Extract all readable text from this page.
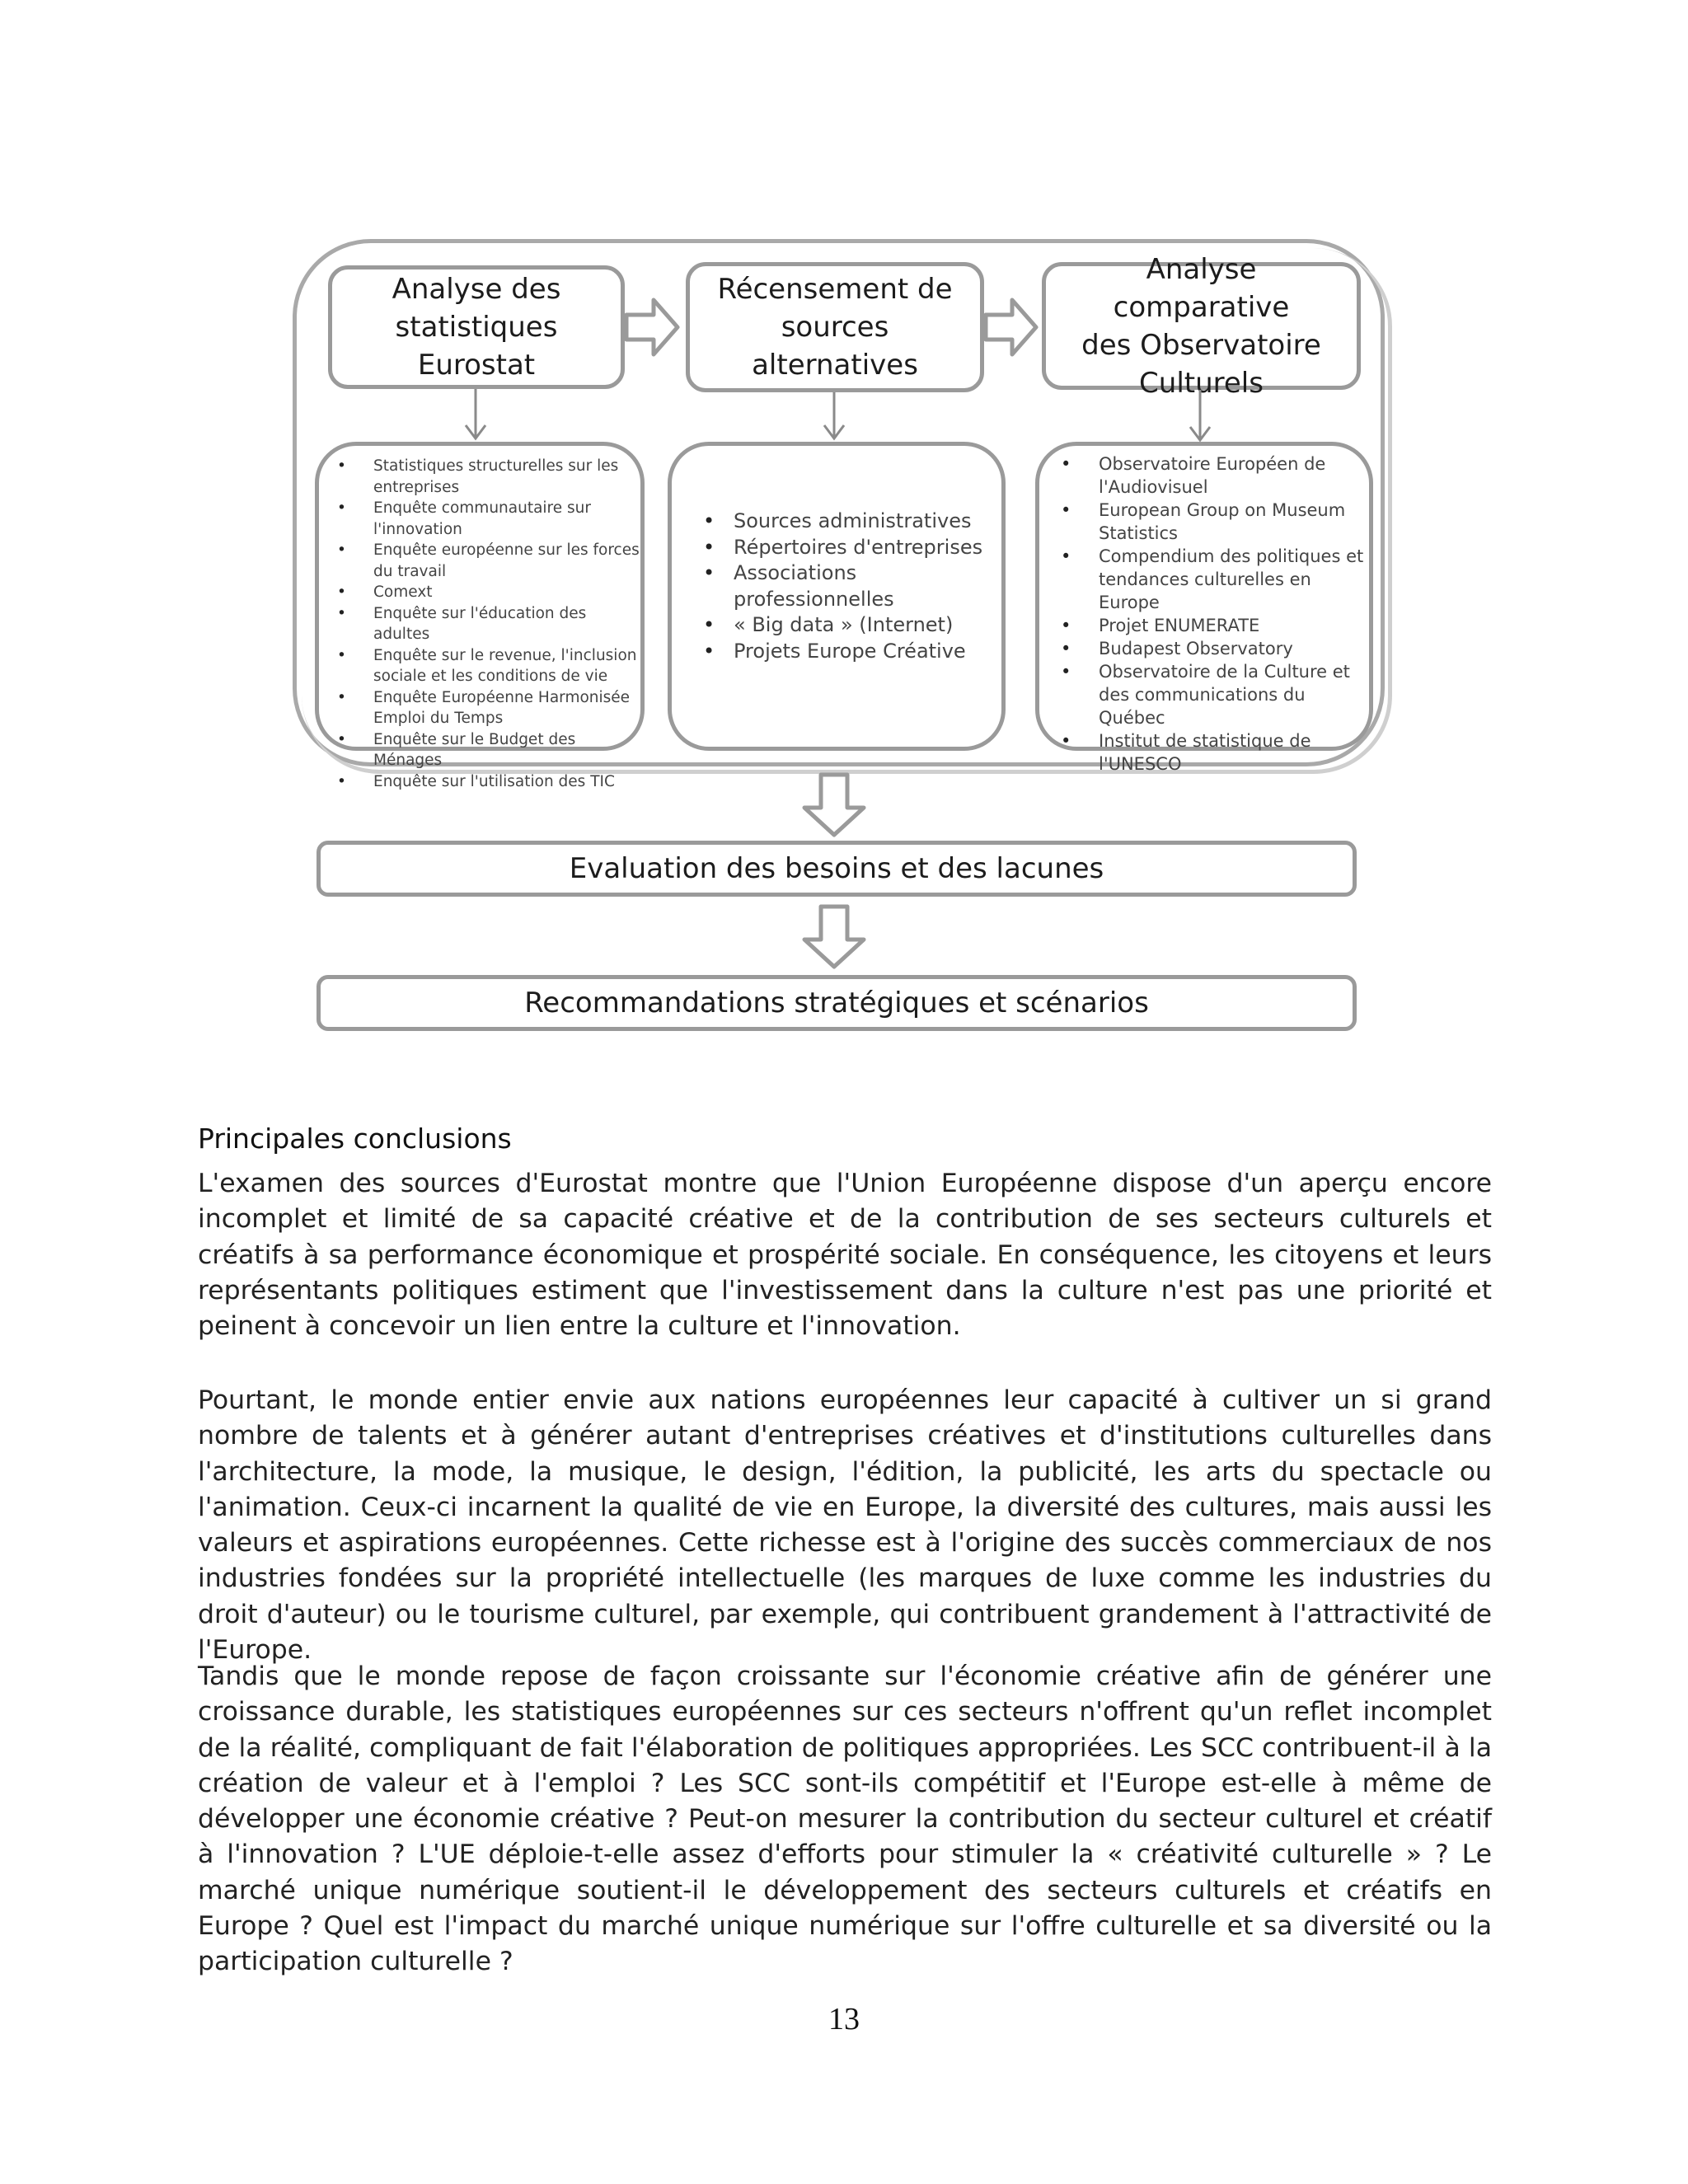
Analyse des
statistiques
Eurostat
Récensement de
sources alternatives
Analyse comparative
des Observatoire
Culturels
• Statistiques structurelles sur les entreprises
• Enquête communautaire sur l'innovation
• Enquête européenne sur les forces du travail
• Comext
• Enquête sur l'éducation des adultes
• Enquête sur le revenue, l'inclusion sociale et les conditions de vie
• Enquête Européenne Harmonisée Emploi du Temps
• Enquête sur le Budget des Ménages
• Enquête sur l'utilisation des TIC
• Sources administratives
• Répertoires d'entreprises
• Associations professionnelles
• « Big data » (Internet)
• Projets Europe Créative
• Observatoire Européen de l'Audiovisuel
• European Group on Museum Statistics
• Compendium des politiques et tendances culturelles en Europe
• Projet ENUMERATE
• Budapest Observatory
• Observatoire de la Culture et des communications du Québec
• Institut de statistique de l'UNESCO
Evaluation des besoins et des lacunes
Recommandations stratégiques et scénarios
Principales conclusions

L'examen des sources d'Eurostat montre que l'Union Européenne dispose d'un aperçu encore incomplet et limité de sa capacité créative et de la contribution de ses secteurs culturels et créatifs à sa performance économique et prospérité sociale. En conséquence, les citoyens et leurs représentants politiques estiment que l'investissement dans la culture n'est pas une priorité et peinent à concevoir un lien entre la culture et l'innovation.

Pourtant, le monde entier envie aux nations européennes leur capacité à cultiver un si grand nombre de talents et à générer autant d'entreprises créatives et d'institutions culturelles dans l'architecture, la mode, la musique, le design, l'édition, la publicité, les arts du spectacle ou l'animation. Ceux-ci incarnent la qualité de vie en Europe, la diversité des cultures, mais aussi les valeurs et aspirations européennes. Cette richesse est à l'origine des succès commerciaux de nos industries fondées sur la propriété intellectuelle (les marques de luxe comme les industries du droit d'auteur) ou le tourisme culturel, par exemple, qui contribuent grandement à l'attractivité de l'Europe.

Tandis que le monde repose de façon croissante sur l'économie créative afin de générer une croissance durable, les statistiques européennes sur ces secteurs n'offrent qu'un reflet incomplet de la réalité, compliquant de fait l'élaboration de politiques appropriées. Les SCC contribuent-il à la création de valeur et à l'emploi ? Les SCC sont-ils compétitif et l'Europe est-elle à même de développer une économie créative ? Peut-on mesurer la contribution du secteur culturel et créatif à l'innovation ? L'UE déploie-t-elle assez d'efforts pour stimuler la « créativité culturelle » ? Le marché unique numérique soutient-il le développement des secteurs culturels et créatifs en Europe ? Quel est l'impact du marché unique numérique sur l'offre culturelle et sa diversité ou la participation culturelle ?

13
